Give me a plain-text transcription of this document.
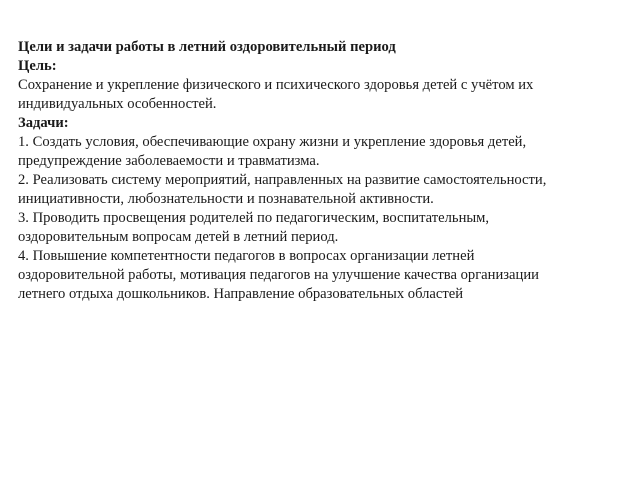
Цели и задачи работы в летний оздоровительный период
Цель:
Сохранение и укрепление физического и психического здоровья детей с учётом их
индивидуальных особенностей.
Задачи:
1. Создать условия, обеспечивающие охрану жизни и укрепление здоровья детей,
предупреждение заболеваемости и травматизма.
2. Реализовать систему мероприятий, направленных на развитие самостоятельности,
инициативности, любознательности и познавательной активности.
3. Проводить просвещения родителей по педагогическим, воспитательным,
оздоровительным вопросам детей в летний период.
4. Повышение компетентности педагогов в вопросах организации летней
оздоровительной работы, мотивация педагогов на улучшение качества организации
летнего отдыха дошкольников. Направление образовательных областей
